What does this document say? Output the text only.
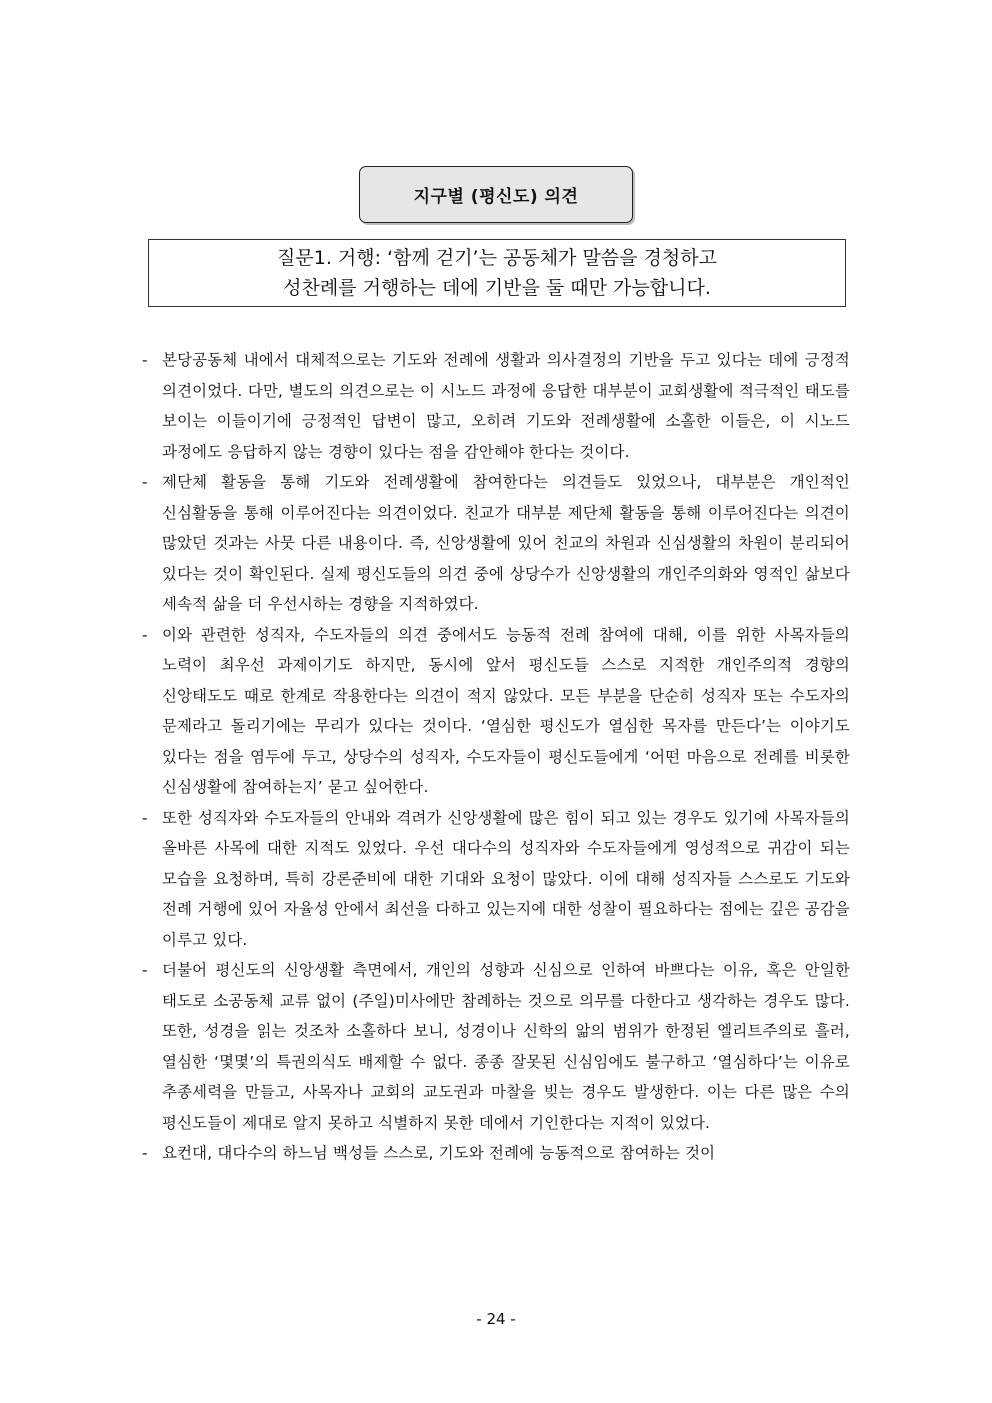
지구별 (평신도) 의견
질문1. 거행: ‘함께 걷기’는 공동체가 말씀을 경청하고
성찬례를 거행하는 데에 기반을 둘 때만 가능합니다.

- 본당공동체 내에서 대체적으로는 기도와 전례에 생활과 의사결정의 기반을 두고 있다는 데에 긍정적 의견이었다. 다만, 별도의 의견으로는 이 시노드 과정에 응답한 대부분이 교회생활에 적극적인 태도를 보이는 이들이기에 긍정적인 답변이 많고, 오히려 기도와 전례생활에 소홀한 이들은, 이 시노드 과정에도 응답하지 않는 경향이 있다는 점을 감안해야 한다는 것이다.

- 제단체 활동을 통해 기도와 전례생활에 참여한다는 의견들도 있었으나, 대부분은 개인적인 신심활동을 통해 이루어진다는 의견이었다. 친교가 대부분 제단체 활동을 통해 이루어진다는 의견이 많았던 것과는 사뭇 다른 내용이다. 즉, 신앙생활에 있어 친교의 차원과 신심생활의 차원이 분리되어 있다는 것이 확인된다. 실제 평신도들의 의견 중에 상당수가 신앙생활의 개인주의화와 영적인 삶보다 세속적 삶을 더 우선시하는 경향을 지적하였다.

- 이와 관련한 성직자, 수도자들의 의견 중에서도 능동적 전례 참여에 대해, 이를 위한 사목자들의 노력이 최우선 과제이기도 하지만, 동시에 앞서 평신도들 스스로 지적한 개인주의적 경향의 신앙태도도 때로 한계로 작용한다는 의견이 적지 않았다. 모든 부분을 단순히 성직자 또는 수도자의 문제라고 돌리기에는 무리가 있다는 것이다. ‘열심한 평신도가 열심한 목자를 만든다’는 이야기도 있다는 점을 염두에 두고, 상당수의 성직자, 수도자들이 평신도들에게 ‘어떤 마음으로 전례를 비롯한 신심생활에 참여하는지’ 묻고 싶어한다.

- 또한 성직자와 수도자들의 안내와 격려가 신앙생활에 많은 힘이 되고 있는 경우도 있기에 사목자들의 올바른 사목에 대한 지적도 있었다. 우선 대다수의 성직자와 수도자들에게 영성적으로 귀감이 되는 모습을 요청하며, 특히 강론준비에 대한 기대와 요청이 많았다. 이에 대해 성직자들 스스로도 기도와 전례 거행에 있어 자율성 안에서 최선을 다하고 있는지에 대한 성찰이 필요하다는 점에는 깊은 공감을 이루고 있다.

- 더불어 평신도의 신앙생활 측면에서, 개인의 성향과 신심으로 인하여 바쁘다는 이유, 혹은 안일한 태도로 소공동체 교류 없이 (주일)미사에만 참례하는 것으로 의무를 다한다고 생각하는 경우도 많다. 또한, 성경을 읽는 것조차 소홀하다 보니, 성경이나 신학의 앎의 범위가 한정된 엘리트주의로 흘러, 열심한 ‘몇몇’의 특권의식도 배제할 수 없다. 종종 잘못된 신심임에도 불구하고 ‘열심하다’는 이유로 추종세력을 만들고, 사목자나 교회의 교도권과 마찰을 빚는 경우도 발생한다. 이는 다른 많은 수의 평신도들이 제대로 알지 못하고 식별하지 못한 데에서 기인한다는 지적이 있었다.

- 요컨대, 대다수의 하느님 백성들 스스로, 기도와 전례에 능동적으로 참여하는 것이

- 24 -
